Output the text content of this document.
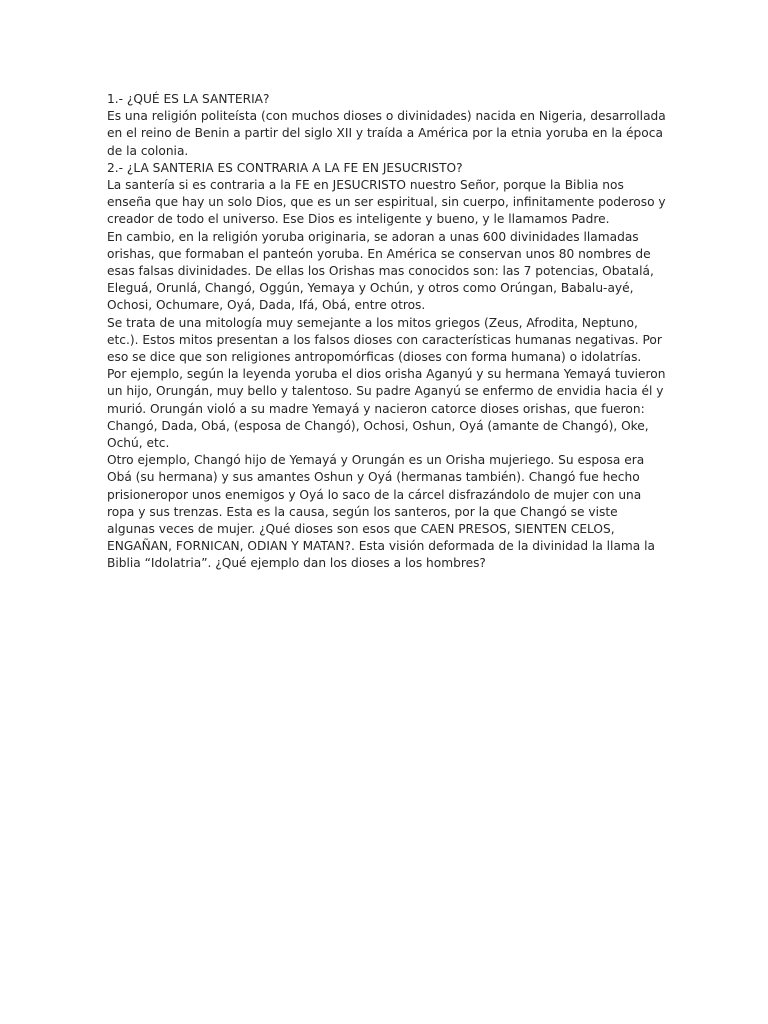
1.- ¿QUÉ ES LA SANTERIA?

Es una religión politeísta (con muchos dioses o divinidades) nacida en Nigeria, desarrollada en el reino de Benin a partir del siglo XII y traída a América por la etnia yoruba en la época de la colonia.

2.- ¿LA SANTERIA ES CONTRARIA A LA FE EN JESUCRISTO?

La santería si es contraria a la FE en JESUCRISTO nuestro Señor, porque la Biblia nos enseña que hay un solo Dios, que es un ser espiritual, sin cuerpo, infinitamente poderoso y creador de todo el universo. Ese Dios es inteligente y bueno, y le llamamos Padre.

En cambio, en la religión yoruba originaria, se adoran a unas 600 divinidades llamadas orishas, que formaban el panteón yoruba. En América se conservan unos 80 nombres de esas falsas divinidades. De ellas los Orishas mas conocidos son: las 7 potencias, Obatalá, Eleguá, Orunlá, Changó, Oggún, Yemaya y Ochún, y otros como Orúngan, Babalu-ayé, Ochosi, Ochumare, Oyá, Dada, Ifá, Obá, entre otros.

Se trata de una mitología muy semejante a los mitos griegos (Zeus, Afrodita, Neptuno, etc.). Estos mitos presentan a los falsos dioses con características humanas negativas. Por eso se dice que son religiones antropomórficas (dioses con forma humana) o idolatrías.

Por ejemplo, según la leyenda yoruba el dios orisha Aganyú y su hermana Yemayá tuvieron un hijo, Orungán, muy bello y talentoso. Su padre Aganyú se enfermo de envidia hacia él y murió. Orungán violó a su madre Yemayá y nacieron catorce dioses orishas, que fueron: Changó, Dada, Obá, (esposa de Changó), Ochosi, Oshun, Oyá (amante de Changó), Oke, Ochú, etc.

Otro ejemplo, Changó hijo de Yemayá y Orungán es un Orisha mujeriego. Su esposa era Obá (su hermana) y sus amantes Oshun y Oyá (hermanas también). Changó fue hecho prisioneropor unos enemigos y Oyá lo saco de la cárcel disfrazándolo de mujer con una ropa y sus trenzas. Esta es la causa, según los santeros, por la que Changó se viste algunas veces de mujer. ¿Qué dioses son esos que CAEN PRESOS, SIENTEN CELOS, ENGAÑAN, FORNICAN, ODIAN Y MATAN?. Esta visión deformada de la divinidad la llama la Biblia “Idolatria”. ¿Qué ejemplo dan los dioses a los hombres?
